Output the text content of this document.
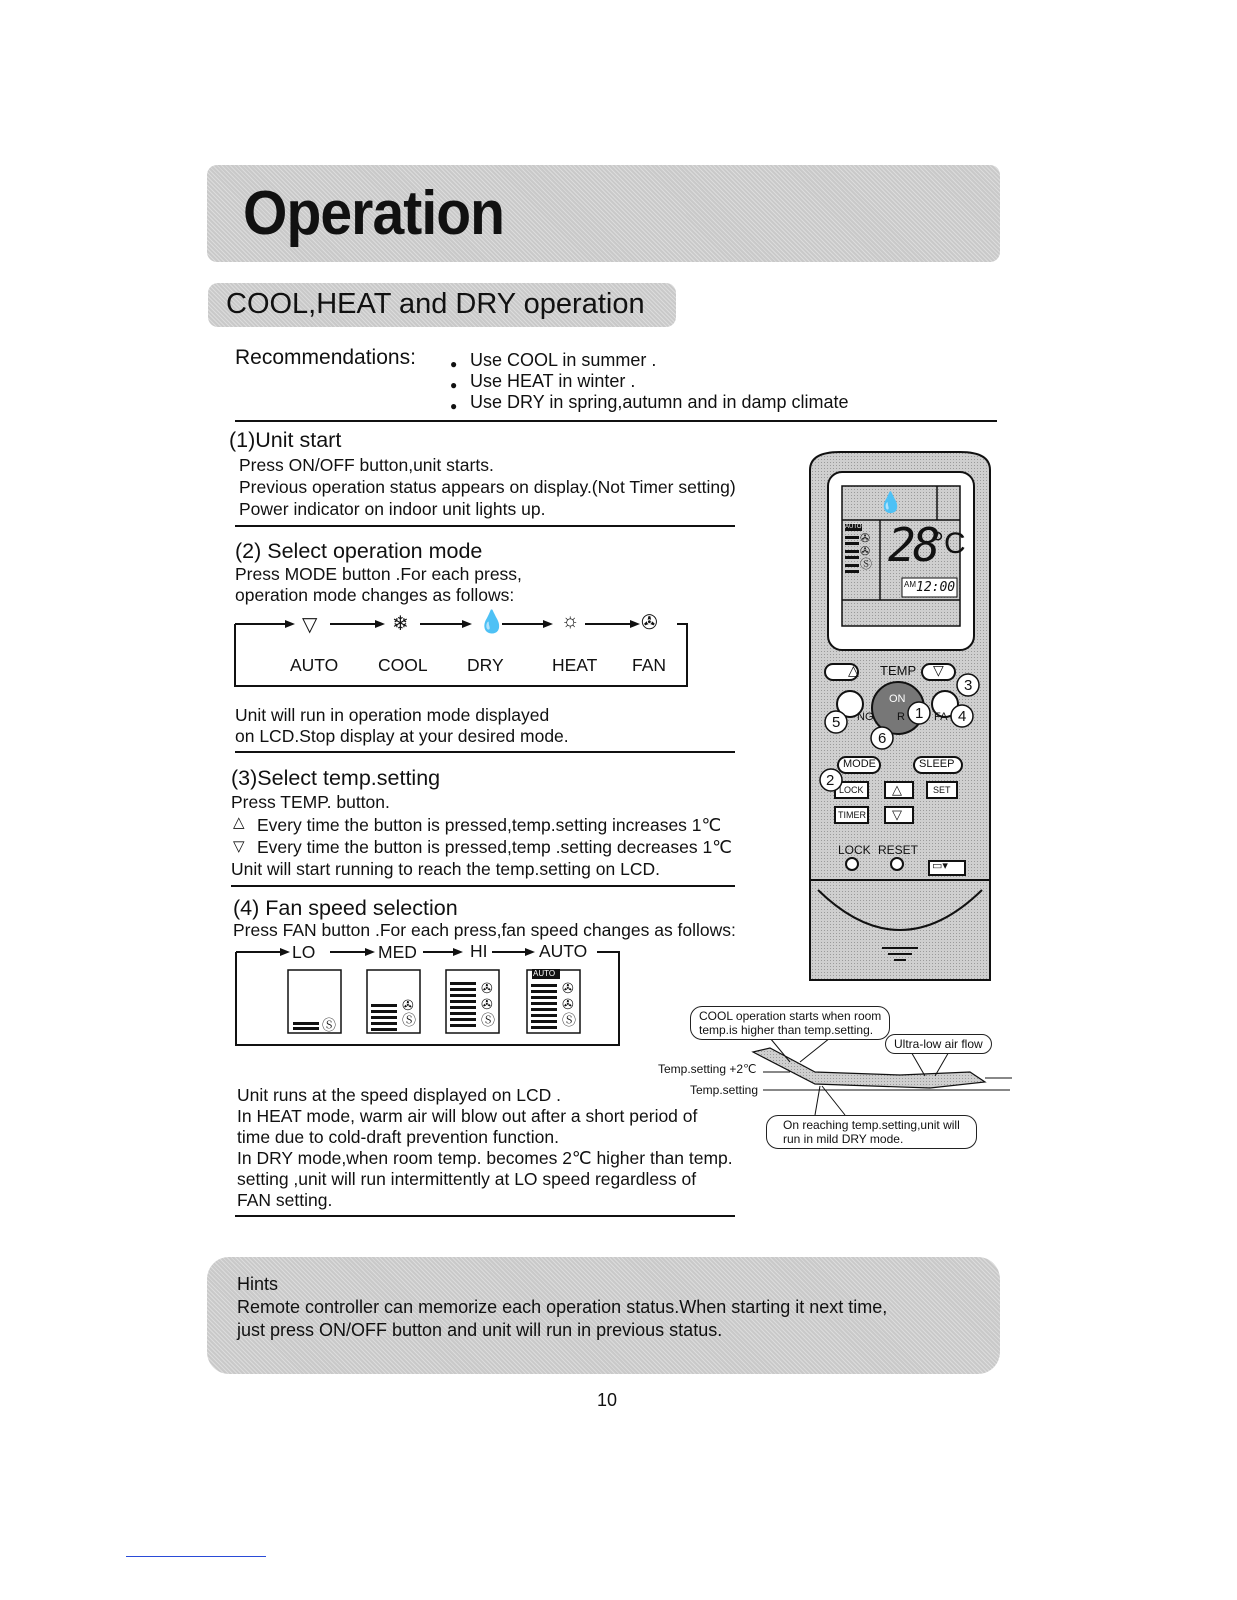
Operation
COOL,HEAT and DRY operation
Recommendations:
●	Use COOL in summer .
● Use HEAT in winter .
● Use DRY in spring,autumn and in damp climate
(1)Unit start
Press ON/OFF button,unit starts.
Previous operation status appears on display.(Not Timer setting)
Power indicator on indoor unit lights up.
(2) Select operation mode
Press MODE button .For each press,
operation mode changes as follows:
▽	❄	💧	☼	✇
AUTO COOL DRY	HEAT FAN
Unit will run in operation mode displayed
on LCD.Stop display at your desired mode.
(3)Select temp.setting
Press TEMP. button.
△ Every time the button is pressed,temp.setting increases 1℃
▽ Every time the button is pressed,temp .setting decreases 1℃
Unit will start running to reach the temp.setting on LCD.
(4) Fan speed selection
Press FAN button .For each press,fan speed changes as follows:
LO	MED	HI	AUTO
AUTO
Ⓢ
✇
Ⓢ
✇
✇
Ⓢ
✇
✇
Ⓢ
Unit runs at the speed displayed on LCD .
In HEAT mode, warm air will blow out after a short period of
time due to cold-draft prevention function.
In DRY mode,when room temp. becomes 2℃ higher than temp.
setting ,unit will run intermittently at LO speed regardless of
FAN setting.
💧
AUTO
✇
✇
Ⓢ 28
°C
AM 12:00
△ TEMP ▽
ON
R
NG	FA
MODE	SLEEP
LOCK △	SET
TIMER ▽
LOCK RESET
▭▾
1
2
3
4
5
6
COOL operation starts when room
temp.is higher than temp.setting.
Ultra-low air flow
On reaching temp.setting,unit will
run in mild DRY mode.
Temp.setting +2℃
Temp.setting
Hints
Remote controller can memorize each operation status.When starting it next time,
just press ON/OFF button and unit will run in previous status.
10
